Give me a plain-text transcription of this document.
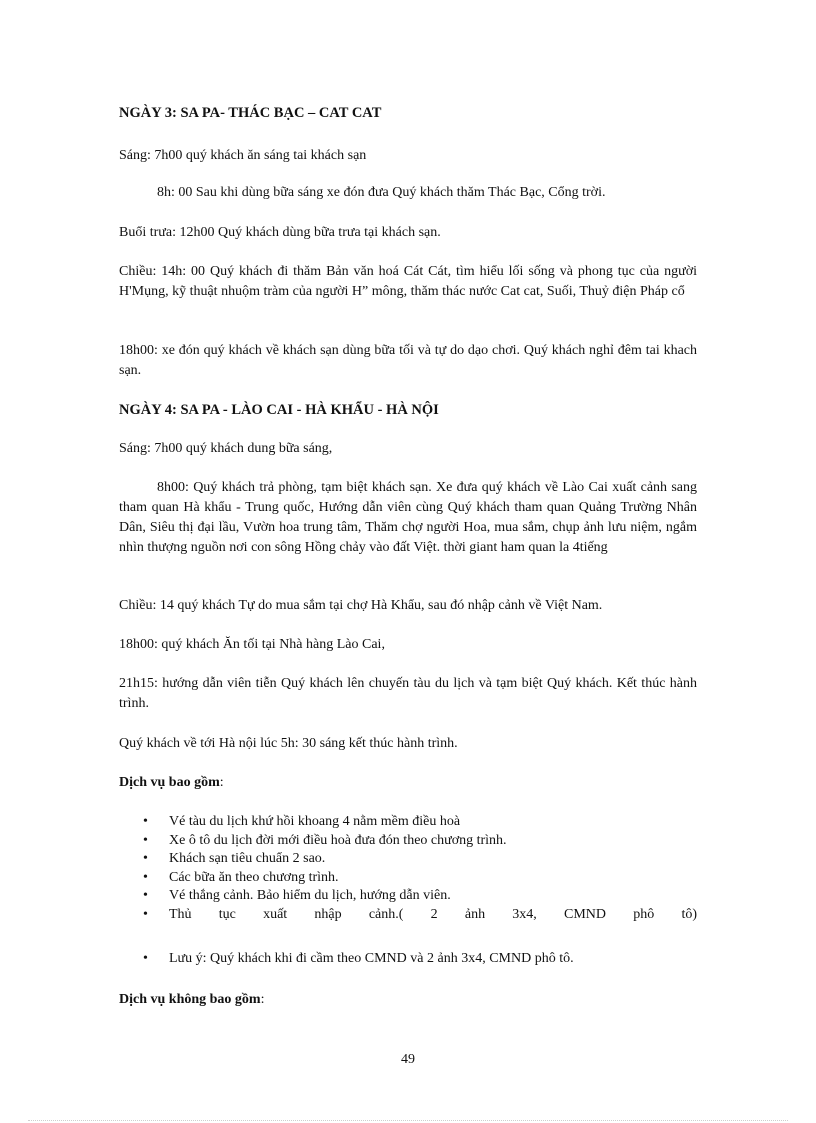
NGÀY 3: SA PA- THÁC BẠC – CAT CAT

Sáng: 7h00 quý khách ăn sáng tai khách sạn

8h: 00 Sau khi dùng bữa sáng xe đón đưa Quý khách thăm Thác Bạc, Cổng trời.

Buổi trưa: 12h00 Quý khách dùng bữa trưa tại khách sạn.

Chiều: 14h: 00 Quý khách đi thăm Bản văn hoá Cát Cát, tìm hiểu lối sống và phong tục của người H'Mụng, kỹ thuật nhuộm tràm của người H” mông, thăm thác nước Cat cat, Suối, Thuỷ điện Pháp cổ

18h00: xe đón quý khách về khách sạn dùng bữa tối và tự do dạo chơi. Quý khách nghỉ đêm tai khach sạn.

NGÀY 4: SA PA - LÀO CAI - HÀ KHẨU - HÀ NỘI

Sáng: 7h00 quý khách dung bữa sáng,

8h00: Quý khách trả phòng, tạm biệt khách sạn. Xe đưa quý khách về Lào Cai xuất cảnh sang tham quan Hà khẩu - Trung quốc, Hướng dẫn viên cùng Quý khách tham quan Quảng Trường Nhân Dân, Siêu thị đại lầu, Vườn hoa trung tâm, Thăm chợ người Hoa, mua sắm, chụp ảnh lưu niệm, ngắm nhìn thượng nguồn nơi con sông Hồng chảy vào đất Việt. thời giant ham quan la 4tiếng

Chiều: 14 quý khách Tự do mua sắm tại chợ Hà Khẩu, sau đó nhập cảnh về Việt Nam.

18h00: quý khách Ăn tối tại Nhà hàng Lào Cai,

21h15: hướng dẫn viên tiễn Quý khách lên chuyến tàu du lịch và tạm biệt Quý khách. Kết thúc hành trình.

Quý khách về tới Hà nội lúc 5h: 30 sáng kết thúc hành trình.

Dịch vụ bao gồm:

• Vé tàu du lịch khứ hồi khoang 4 nằm mềm điều hoà
• Xe ô tô du lịch đời mới điều hoà đưa đón theo chương trình.
• Khách sạn tiêu chuẩn 2 sao.
• Các bữa ăn theo chương trình.
• Vé thắng cảnh. Bảo hiểm du lịch, hướng dẫn viên.
• Thủ tục xuất nhập cảnh.( 2 ảnh 3x4, CMND phô tô)
• Lưu ý: Quý khách khi đi cầm theo CMND và 2 ảnh 3x4, CMND phô tô.

Dịch vụ không bao gồm:

49
